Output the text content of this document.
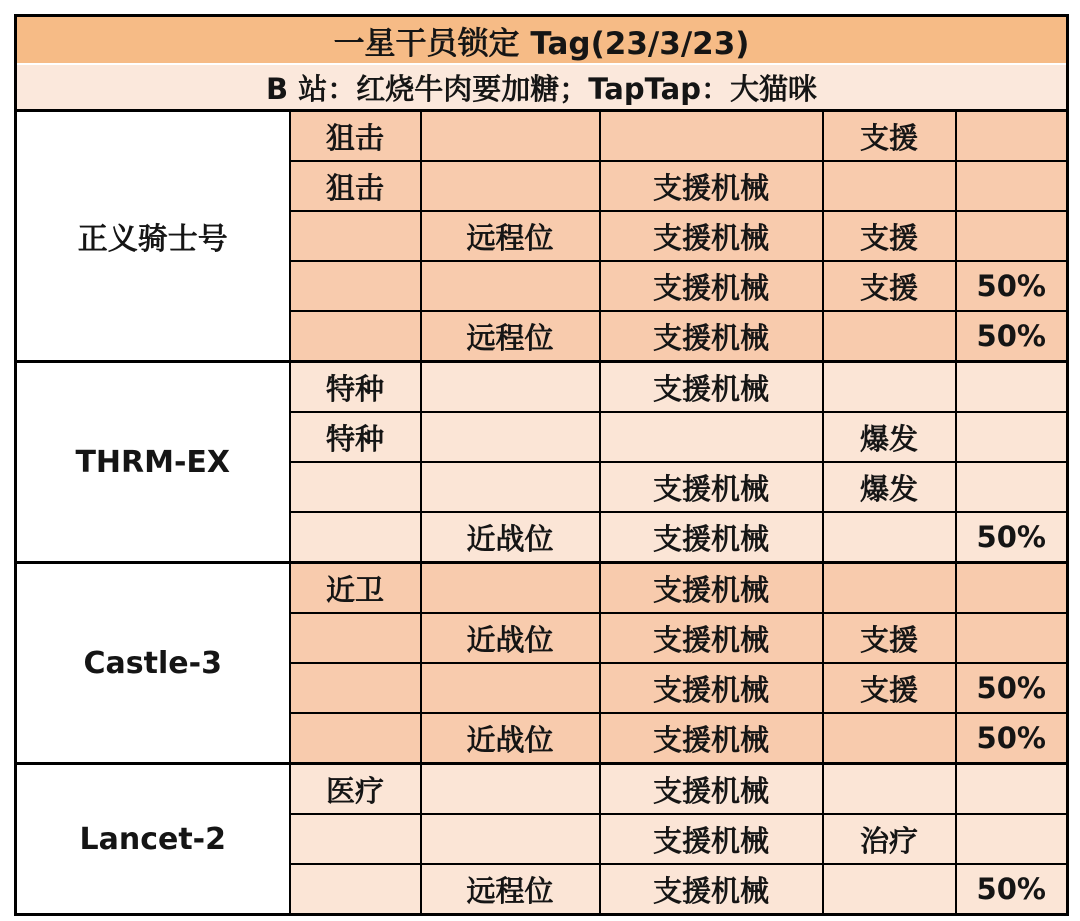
一星干员锁定 Tag(23/3/23)					
B 站：红烧牛肉要加糖；TapTap：大猫咪					
正义骑士号	狙击			支援	
	狙击		支援机械		
		远程位	支援机械	支援	
			支援机械	支援	50%
		远程位	支援机械		50%
THRM-EX	特种		支援机械		
	特种			爆发	
			支援机械	爆发	
		近战位	支援机械		50%
Castle-3	近卫		支援机械		
		近战位	支援机械	支援	
			支援机械	支援	50%
		近战位	支援机械		50%
Lancet-2	医疗		支援机械		
			支援机械	治疗	
		远程位	支援机械		50%
